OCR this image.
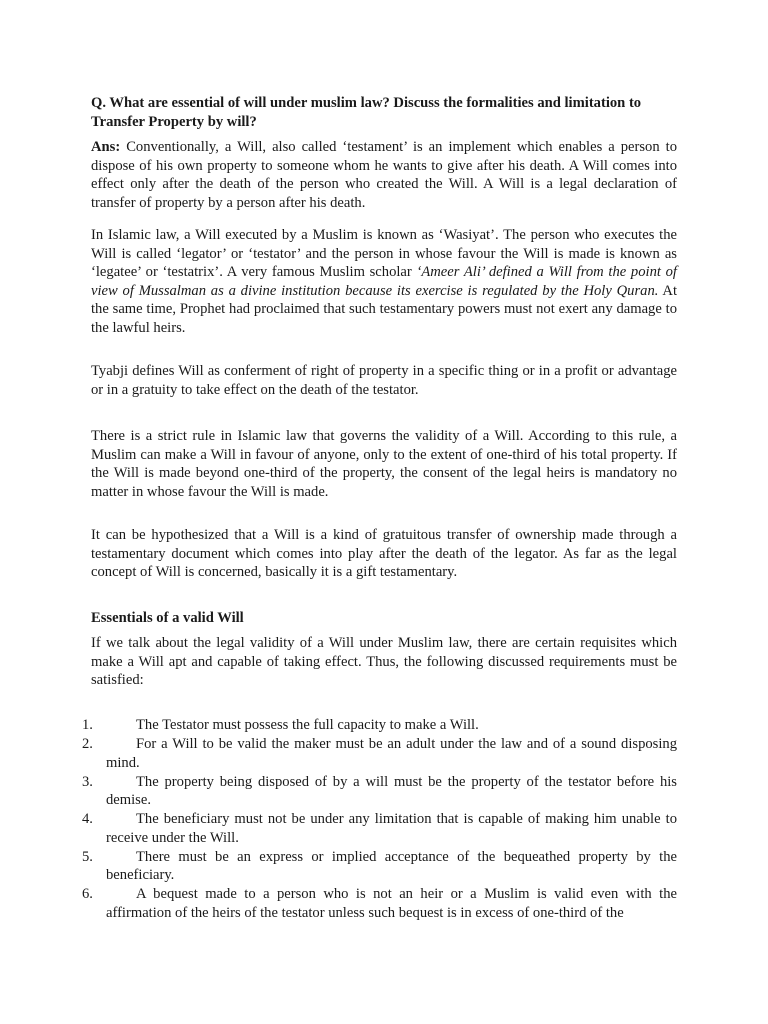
Q. What are essential of will under muslim law? Discuss the formalities and limitation to Transfer Property by will?

Ans: Conventionally, a Will, also called ‘testament’ is an implement which enables a person to dispose of his own property to someone whom he wants to give after his death. A Will comes into effect only after the death of the person who created the Will. A Will is a legal declaration of transfer of property by a person after his death.

In Islamic law, a Will executed by a Muslim is known as ‘Wasiyat’. The person who executes the Will is called ‘legator’ or ‘testator’ and the person in whose favour the Will is made is known as ‘legatee’ or ‘testatrix’. A very famous Muslim scholar ‘Ameer Ali’ defined a Will from the point of view of Mussalman as a divine institution because its exercise is regulated by the Holy Quran. At the same time, Prophet had proclaimed that such testamentary powers must not exert any damage to the lawful heirs.

Tyabji defines Will as conferment of right of property in a specific thing or in a profit or advantage or in a gratuity to take effect on the death of the testator.

There is a strict rule in Islamic law that governs the validity of a Will. According to this rule, a Muslim can make a Will in favour of anyone, only to the extent of one-third of his total property. If the Will is made beyond one-third of the property, the consent of the legal heirs is mandatory no matter in whose favour the Will is made.

It can be hypothesized that a Will is a kind of gratuitous transfer of ownership made through a testamentary document which comes into play after the death of the legator. As far as the legal concept of Will is concerned, basically it is a gift testamentary.

Essentials of a valid Will

If we talk about the legal validity of a Will under Muslim law, there are certain requisites which make a Will apt and capable of taking effect. Thus, the following discussed requirements must be satisfied:

1.	The Testator must possess the full capacity to make a Will.
2.	For a Will to be valid the maker must be an adult under the law and of a sound disposing mind.
3.	The property being disposed of by a will must be the property of the testator before his demise.
4.	The beneficiary must not be under any limitation that is capable of making him unable to receive under the Will.
5.	There must be an express or implied acceptance of the bequeathed property by the beneficiary.
6.	A bequest made to a person who is not an heir or a Muslim is valid even with the affirmation of the heirs of the testator unless such bequest is in excess of one-third of the
